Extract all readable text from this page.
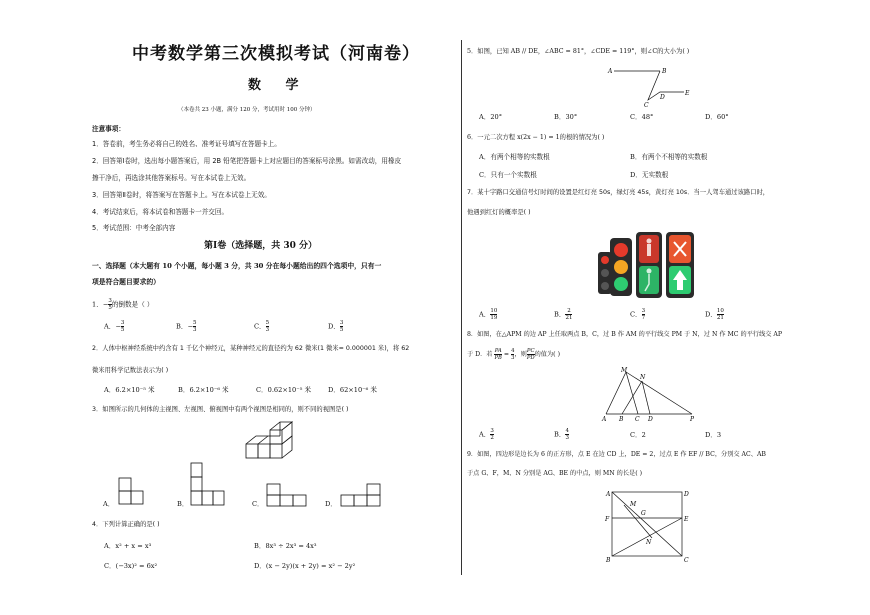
中考数学第三次模拟考试（河南卷）
数 学
（本卷共 23 小题，满分 120 分，考试用时 100 分钟）
注意事项：
1．答卷前，考生务必将自己的姓名、准考证号填写在答题卡上。
2．回答第Ⅰ卷时，选出每小题答案后，用 2B 铅笔把答题卡上对应题目的答案标号涂黑。如需改动，用橡皮
擦干净后，再选涂其他答案标号。写在本试卷上无效。
3．回答第Ⅱ卷时，将答案写在答题卡上。写在本试卷上无效。
4．考试结束后，将本试卷和答题卡一并交回。
5．考试范围：中考全部内容
第Ⅰ卷（选择题，共 30 分）
一、选择题（本大题有 10 个小题，每小题 3 分，共 30 分在每小题给出的四个选项中，只有一
项是符合题目要求的）
1．− $\frac{3}{5}$ 的倒数是（ ）
A．− $\frac{3}{5}$	B．− $\frac{5}{3}$	C． $\frac{5}{3}$	D． $\frac{3}{5}$
2．人体中枢神经系统中约含有 1 千亿个神经元，某种神经元的直径约为 62 微米(1 微米= 0.000001 米)，将 62
微米用科学记数法表示为( )
A．6.2×10⁻⁵ 米	B．6.2×10⁻⁶ 米	C．0.62×10⁻⁵ 米	D．62×10⁻⁶ 米
3．如图所示的几何体的主视图、左视图、俯视图中有两个视图是相同的，则不同的视图是( )
A．	B．	C．	D．
4．下列计算正确的是( )
A．x² + x = x³	B．8x³ ÷ 2x³ = 4x³
C．(−3x)² = 6x²	D．(x − 2y)(x + 2y) = x² − 2y²
5．如图，已知 AB // DE，∠ABC = 81°，∠CDE = 119°，则∠C的大小为( )
A	B
C
D
E
A．20°	B．30°	C．48°	D．60°
6．一元二次方程 x(2x − 1) = 1的根的情况为( )
A．有两个相等的实数根	B．有两个不相等的实数根
C．只有一个实数根	D．无实数根
7．某十字路口交通信号灯时间的设置是红灯亮 50s，绿灯亮 45s，黄灯亮 10s．当一人驾车通过该路口时，
他遇到红灯的概率是( )
A． $\frac{10}{19}$	B． $\frac{2}{21}$	C． $\frac{3}{7}$	D． $\frac{10}{21}$
8．如图，在△APM 的边 AP 上任取两点 B，C，过 B 作 AM 的平行线交 PM 于 N，过 N 作 MC 的平行线交 AP
于 D．若 $\frac{PA}{PB} = \frac{4}{3}$ ，则 $\frac{PC}{PD}$ 的值为( )
M
N
A B C D	P
A． $\frac{3}{2}$	B． $\frac{4}{3}$	C．2	D．3
9．如图，四边形是边长为 6 的正方形，点 E 在边 CD 上，DE = 2，过点 E 作 EF // BC，分别交 AC、AB
于点 G、F，M、N 分别是 AG、BE 的中点，则 MN 的长是( )
A	D
F	E
M
G
N
B	C
